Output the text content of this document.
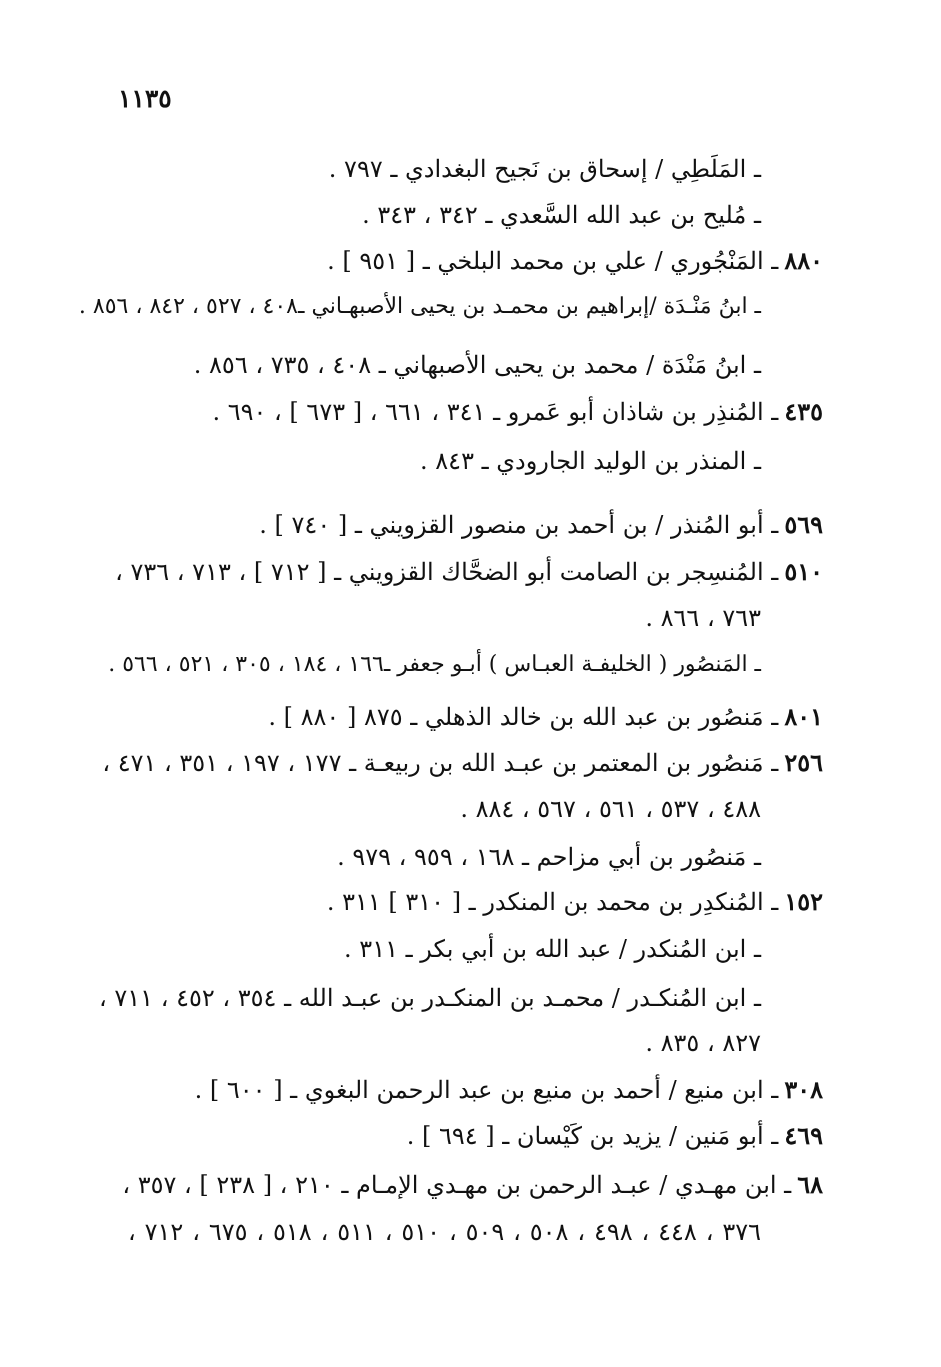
١١٣٥
ـ المَلَطِي / إسحاق بن نَجيح البغدادي ـ ٧٩٧ .
ـ مُليح بن عبد الله السَّعدي ـ ٣٤٢ ، ٣٤٣ .
٨٨٠ـ المَنْجُوري / علي بن محمد البلخي ـ [ ٩٥١ ] .
ـ ابنُ مَنْـدَة /إبراهيم بن محمـد بن يحيى الأصبهـاني ـ٤٠٨ ، ٥٢٧ ، ٨٤٢ ، ٨٥٦ .
ـ ابنُ مَنْدَة / محمد بن يحيى الأصبهاني ـ ٤٠٨ ، ٧٣٥ ، ٨٥٦ .
٤٣٥ـ المُنذِر بن شاذان أبو عَمرو ـ ٣٤١ ، ٦٦١ ، [ ٦٧٣ ] ، ٦٩٠ .
ـ المنذر بن الوليد الجارودي ـ ٨٤٣ .
٥٦٩ـ أبو المُنذر / بن أحمد بن منصور القزويني ـ [ ٧٤٠ ] .
٥١٠ـ المُنسِجر بن الصامت أبو الضحَّاك القزويني ـ [ ٧١٢ ] ، ٧١٣ ، ٧٣٦ ،
٧٦٣ ، ٨٦٦ .
ـ المَنصُور ( الخليفـة العبـاس ) أبـو جعفر ـ١٦٦ ، ١٨٤ ، ٣٠٥ ، ٥٢١ ، ٥٦٦ .
٨٠١ـ مَنصُور بن عبد الله بن خالد الذهلي ـ ٨٧٥ [ ٨٨٠ ] .
٢٥٦ـ مَنصُور بن المعتمر بن عبـد الله بن ربيعـة ـ ١٧٧ ، ١٩٧ ، ٣٥١ ، ٤٧١ ،
٤٨٨ ، ٥٣٧ ، ٥٦١ ، ٥٦٧ ، ٨٨٤ .
ـ مَنصُور بن أبي مزاحم ـ ١٦٨ ، ٩٥٩ ، ٩٧٩ .
١٥٢ـ المُنكدِر بن محمد بن المنكدر ـ [ ٣١٠ ] ٣١١ .
ـ ابن المُنكدر / عبد الله بن أبي بكر ـ ٣١١ .
ـ ابن المُنكـدر / محمـد بن المنكـدر بن عبـد الله ـ ٣٥٤ ، ٤٥٢ ، ٧١١ ،
٨٢٧ ، ٨٣٥ .
٣٠٨ـ ابن منيع / أحمد بن منيع بن عبد الرحمن البغوي ـ [ ٦٠٠ ] .
٤٦٩ـ أبو مَنين / يزيد بن كَيْسان ـ [ ٦٩٤ ] .
٦٨ـ ابن مهـدي / عبـد الرحمن بن مهـدي الإمـام ـ ٢١٠ ، [ ٢٣٨ ] ، ٣٥٧ ،
٣٧٦ ، ٤٤٨ ، ٤٩٨ ، ٥٠٨ ، ٥٠٩ ، ٥١٠ ، ٥١١ ، ٥١٨ ، ٦٧٥ ، ٧١٢ ،
